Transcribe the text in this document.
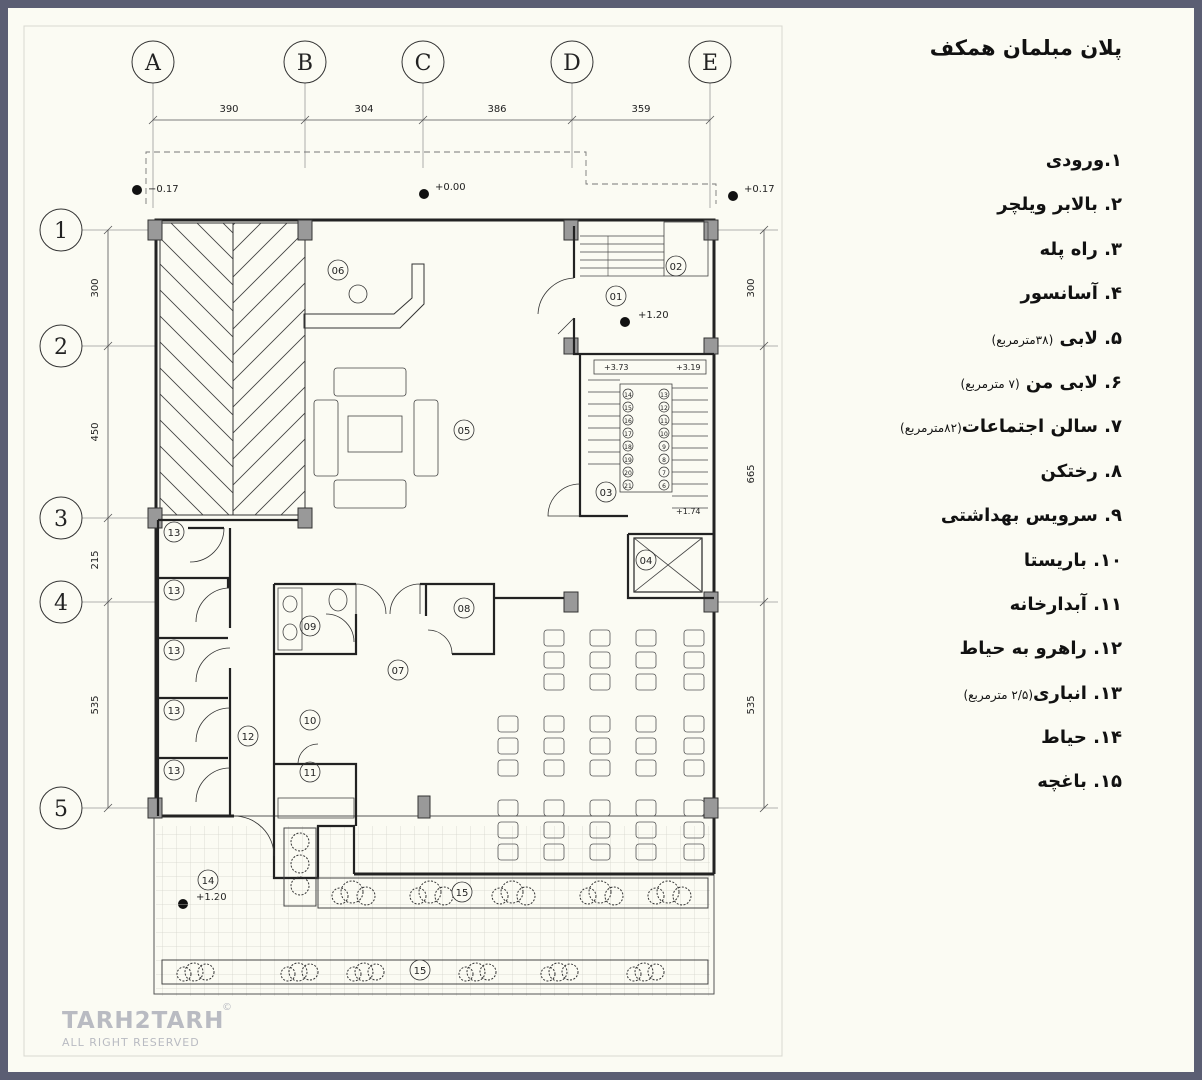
A	B	C	D	E
1
2
3
4
5
390	304	386	359
300
450
215
535
300
665
535
−0.17	+0.00	+0.17
+1.20
+3.73	+3.19
+1.74
14
15
16
17
18
19
20
21
13
12
11
10
9
8
7
6
01
02
03
04
05
06
07
08
09
10
11
12
13
13
13
13
13
14
15
15
پلان مبلمان همکف
۱.ورودی
۲. بالابر ویلچر
۳. راه پله
۴. آسانسور
۵. لابی (۳۸مترمربع)
۶. لابی من (۷ مترمربع)
۷. سالن اجتماعات(۸۲مترمربع)
۸. رختکن
۹. سرویس بهداشتی
۱۰. باریستا
۱۱. آبدارخانه
۱۲. راهرو به حیاط
۱۳. انباری(۲/۵ مترمربع)
۱۴. حیاط
۱۵. باغچه
TARH2TARH
ALL RIGHT RESERVED
©
